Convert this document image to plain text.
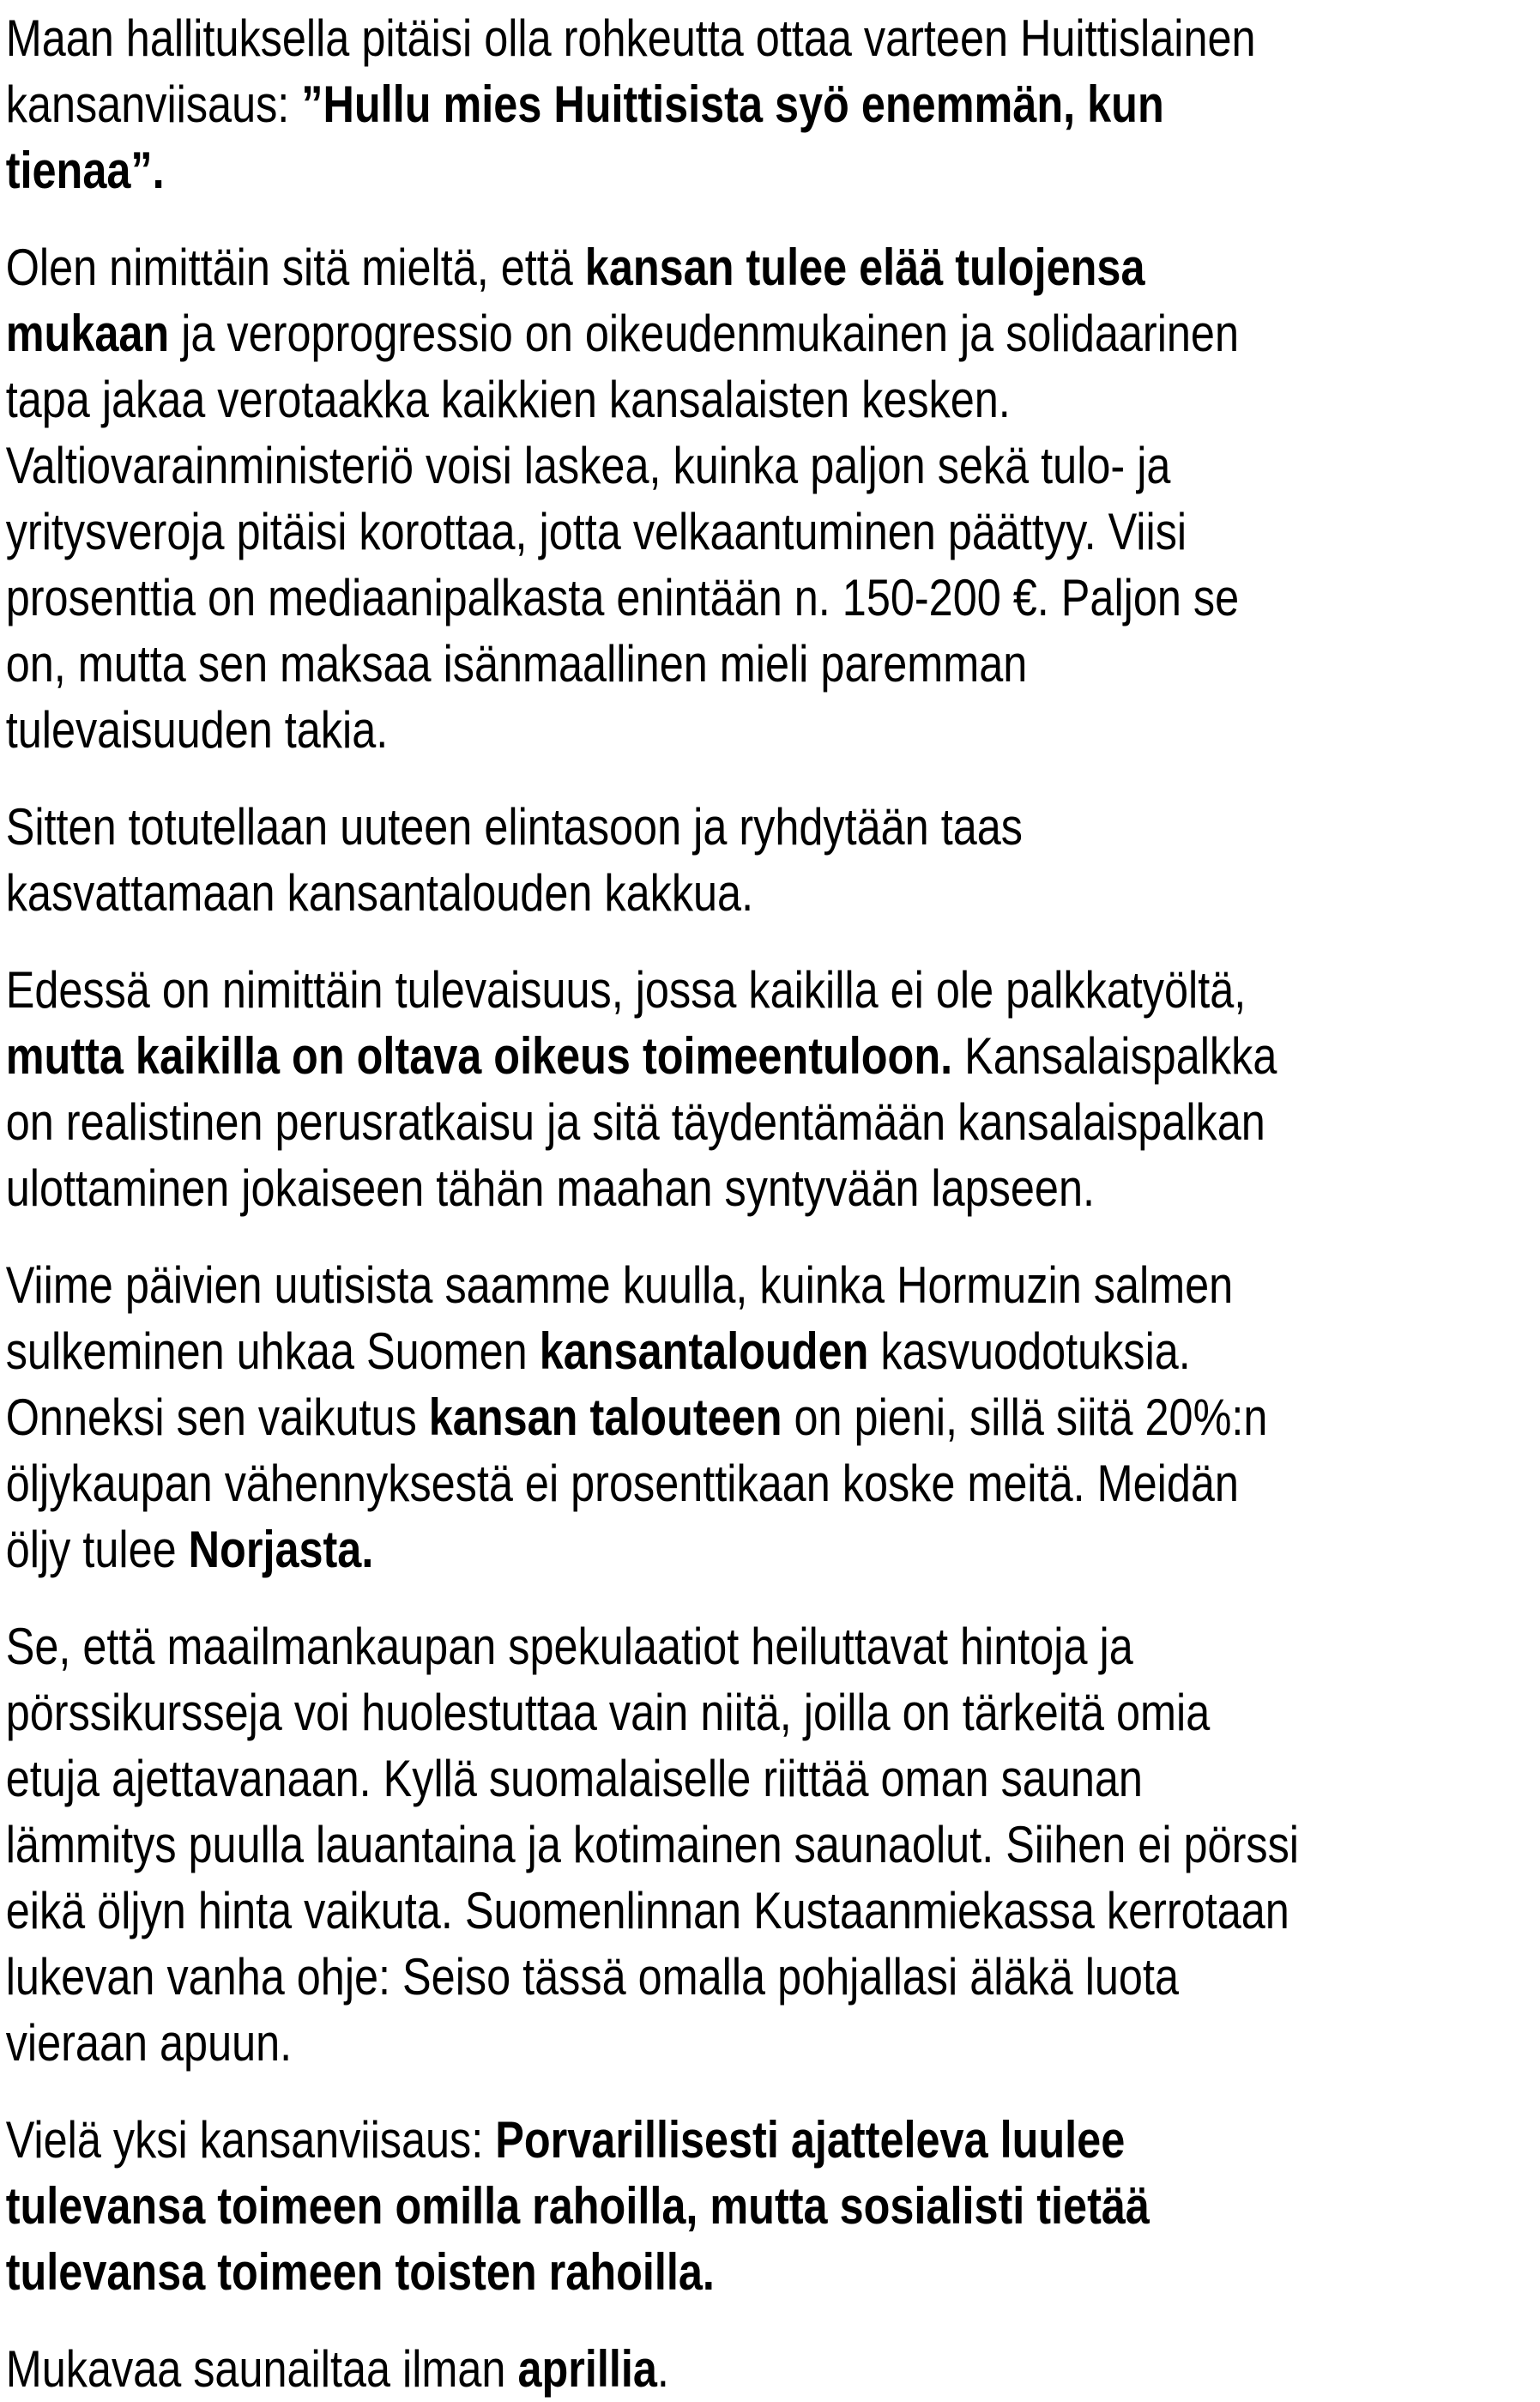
Maan hallituksella pitäisi olla rohkeutta ottaa varteen Huittislainen
kansanviisaus: ”Hullu mies Huittisista syö enemmän, kun
tienaa”.

Olen nimittäin sitä mieltä, että kansan tulee elää tulojensa
mukaan ja veroprogressio on oikeudenmukainen ja solidaarinen
tapa jakaa verotaakka kaikkien kansalaisten kesken.
Valtiovarainministeriö voisi laskea, kuinka paljon sekä tulo- ja
yritysveroja pitäisi korottaa, jotta velkaantuminen päättyy. Viisi
prosenttia on mediaanipalkasta enintään n. 150-200 €. Paljon se
on, mutta sen maksaa isänmaallinen mieli paremman
tulevaisuuden takia.

Sitten totutellaan uuteen elintasoon ja ryhdytään taas
kasvattamaan kansantalouden kakkua.

Edessä on nimittäin tulevaisuus, jossa kaikilla ei ole palkkatyöltä,
mutta kaikilla on oltava oikeus toimeentuloon. Kansalaispalkka
on realistinen perusratkaisu ja sitä täydentämään kansalaispalkan
ulottaminen jokaiseen tähän maahan syntyvään lapseen.

Viime päivien uutisista saamme kuulla, kuinka Hormuzin salmen
sulkeminen uhkaa Suomen kansantalouden kasvuodotuksia.
Onneksi sen vaikutus kansan talouteen on pieni, sillä siitä 20%:n
öljykaupan vähennyksestä ei prosenttikaan koske meitä. Meidän
öljy tulee Norjasta.

Se, että maailmankaupan spekulaatiot heiluttavat hintoja ja
pörssikursseja voi huolestuttaa vain niitä, joilla on tärkeitä omia
etuja ajettavanaan. Kyllä suomalaiselle riittää oman saunan
lämmitys puulla lauantaina ja kotimainen saunaolut. Siihen ei pörssi
eikä öljyn hinta vaikuta. Suomenlinnan Kustaanmiekassa kerrotaan
lukevan vanha ohje: Seiso tässä omalla pohjallasi äläkä luota
vieraan apuun.

Vielä yksi kansanviisaus: Porvarillisesti ajatteleva luulee
tulevansa toimeen omilla rahoilla, mutta sosialisti tietää
tulevansa toimeen toisten rahoilla.

Mukavaa saunailtaa ilman aprillia.
